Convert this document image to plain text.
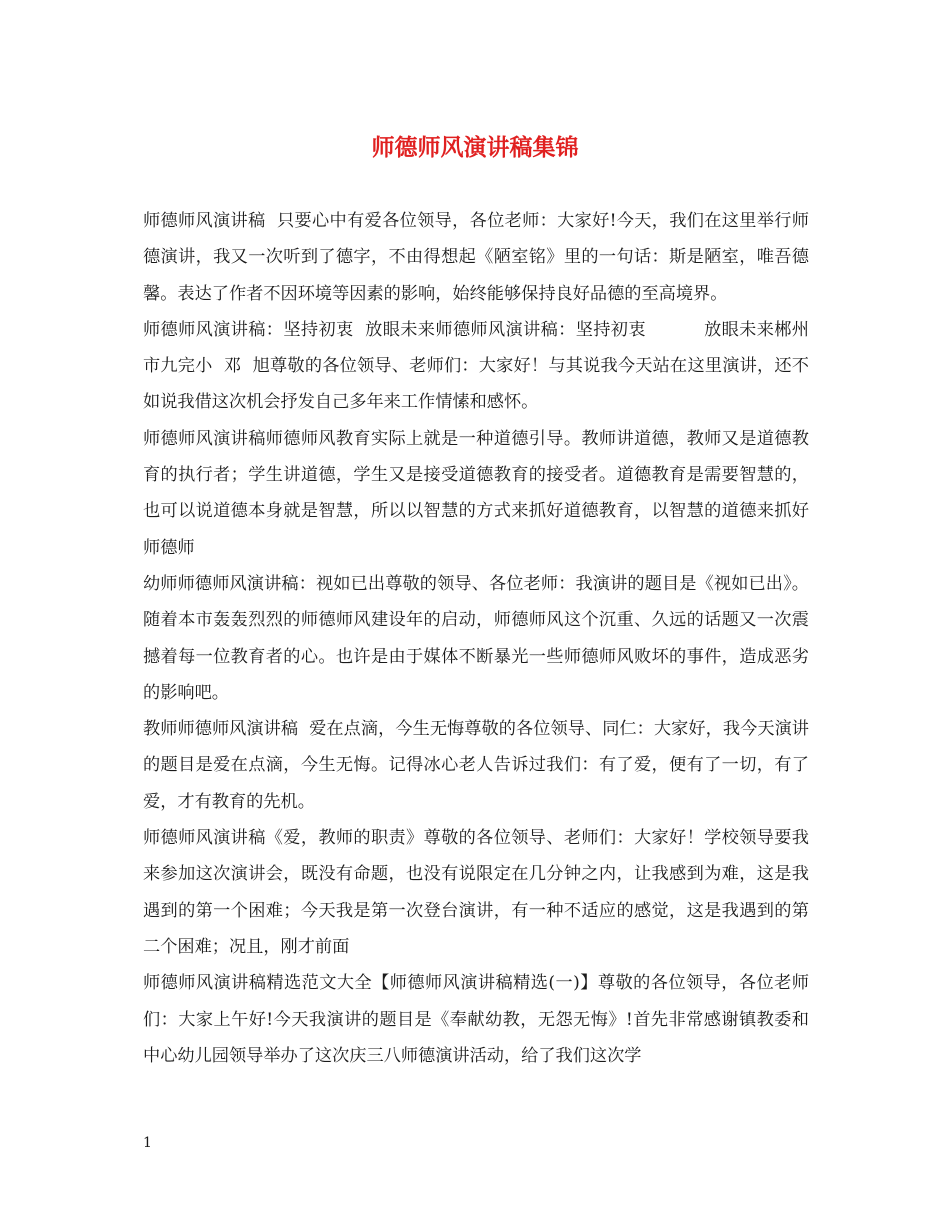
师德师风演讲稿集锦

师德师风演讲稿  只要心中有爱各位领导，各位老师：大家好!今天，我们在这里举行师德演讲，我又一次听到了德字，不由得想起《陋室铭》里的一句话：斯是陋室，唯吾德馨。表达了作者不因环境等因素的影响，始终能够保持良好品德的至高境界。

师德师风演讲稿：坚持初衷  放眼未来师德师风演讲稿：坚持初衷          放眼未来郴州市九完小  邓  旭尊敬的各位领导、老师们：大家好！与其说我今天站在这里演讲，还不如说我借这次机会抒发自己多年来工作情愫和感怀。

师德师风演讲稿师德师风教育实际上就是一种道德引导。教师讲道德，教师又是道德教育的执行者；学生讲道德，学生又是接受道德教育的接受者。道德教育是需要智慧的，也可以说道德本身就是智慧，所以以智慧的方式来抓好道德教育，以智慧的道德来抓好师德师

幼师师德师风演讲稿：视如已出尊敬的领导、各位老师：我演讲的题目是《视如已出》。随着本市轰轰烈烈的师德师风建设年的启动，师德师风这个沉重、久远的话题又一次震撼着每一位教育者的心。也许是由于媒体不断暴光一些师德师风败坏的事件，造成恶劣的影响吧。

教师师德师风演讲稿  爱在点滴，今生无悔尊敬的各位领导、同仁：大家好，我今天演讲的题目是爱在点滴，今生无悔。记得冰心老人告诉过我们：有了爱，便有了一切，有了爱，才有教育的先机。

师德师风演讲稿《爱，教师的职责》尊敬的各位领导、老师们：大家好！学校领导要我来参加这次演讲会，既没有命题，也没有说限定在几分钟之内，让我感到为难，这是我遇到的第一个困难；今天我是第一次登台演讲，有一种不适应的感觉，这是我遇到的第二个困难；况且，刚才前面

师德师风演讲稿精选范文大全【师德师风演讲稿精选(一)】尊敬的各位领导，各位老师们：大家上午好!今天我演讲的题目是《奉献幼教，无怨无悔》!首先非常感谢镇教委和中心幼儿园领导举办了这次庆三八师德演讲活动，给了我们这次学

1
